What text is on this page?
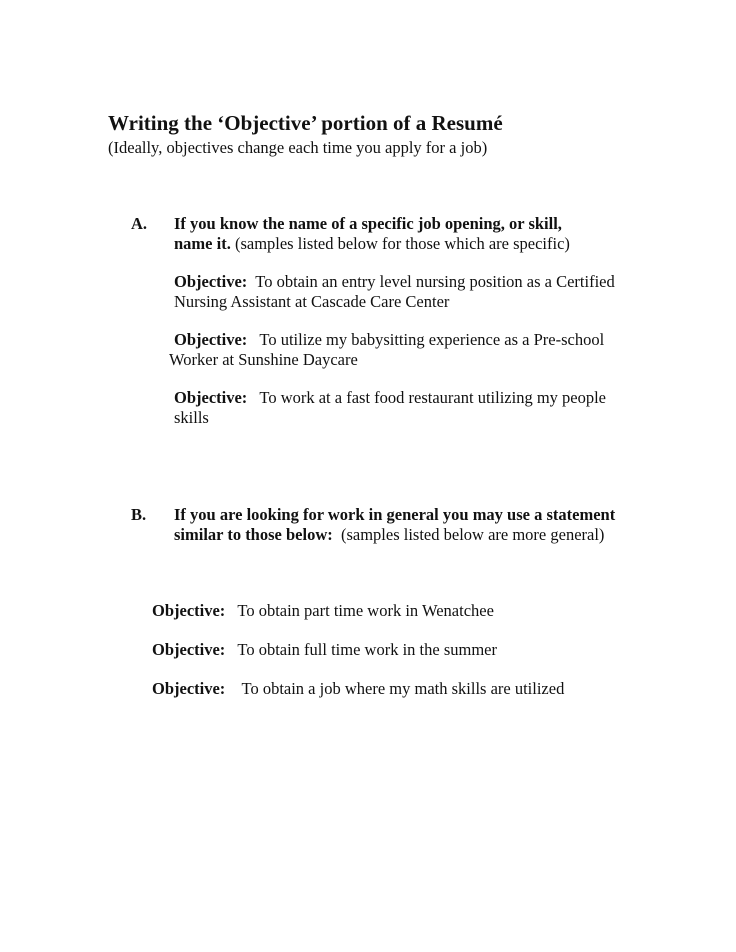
Writing the ‘Objective’ portion of a Resumé
(Ideally, objectives change each time you apply for a job)
A. If you know the name of a specific job opening, or skill,
name it. (samples listed below for those which are specific)
Objective:  To obtain an entry level nursing position as a Certified
Nursing Assistant at Cascade Care Center
Objective:   To utilize my babysitting experience as a Pre-school
Worker at Sunshine Daycare
Objective:   To work at a fast food restaurant utilizing my people
skills
B. If you are looking for work in general you may use a statement
similar to those below:  (samples listed below are more general)
Objective:   To obtain part time work in Wenatchee
Objective:   To obtain full time work in the summer
Objective:    To obtain a job where my math skills are utilized
